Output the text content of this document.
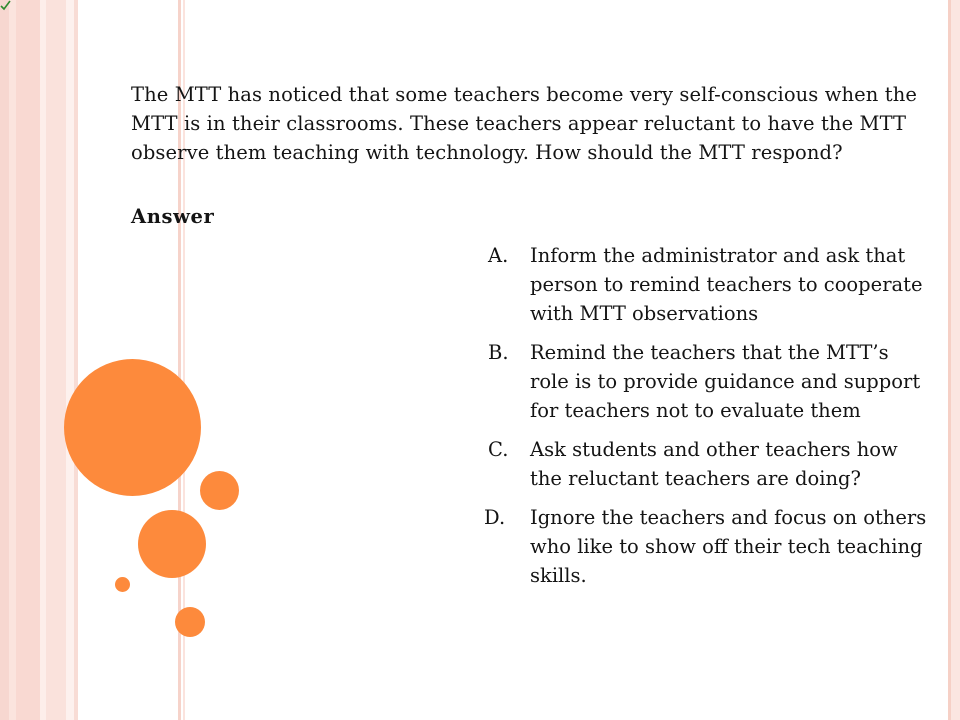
The MTT has noticed that some teachers become very self-conscious when the MTT is in their classrooms. These teachers appear reluctant to have the MTT observe them teaching with technology. How should the MTT respond?

Answer

A. Inform the administrator and ask that person to remind teachers to cooperate with MTT observations
B. Remind the teachers that the MTT’s role is to provide guidance and support for teachers not to evaluate them
C. Ask students and other teachers how the reluctant teachers are doing?
D. Ignore the teachers and focus on others who like to show off their tech teaching skills.
